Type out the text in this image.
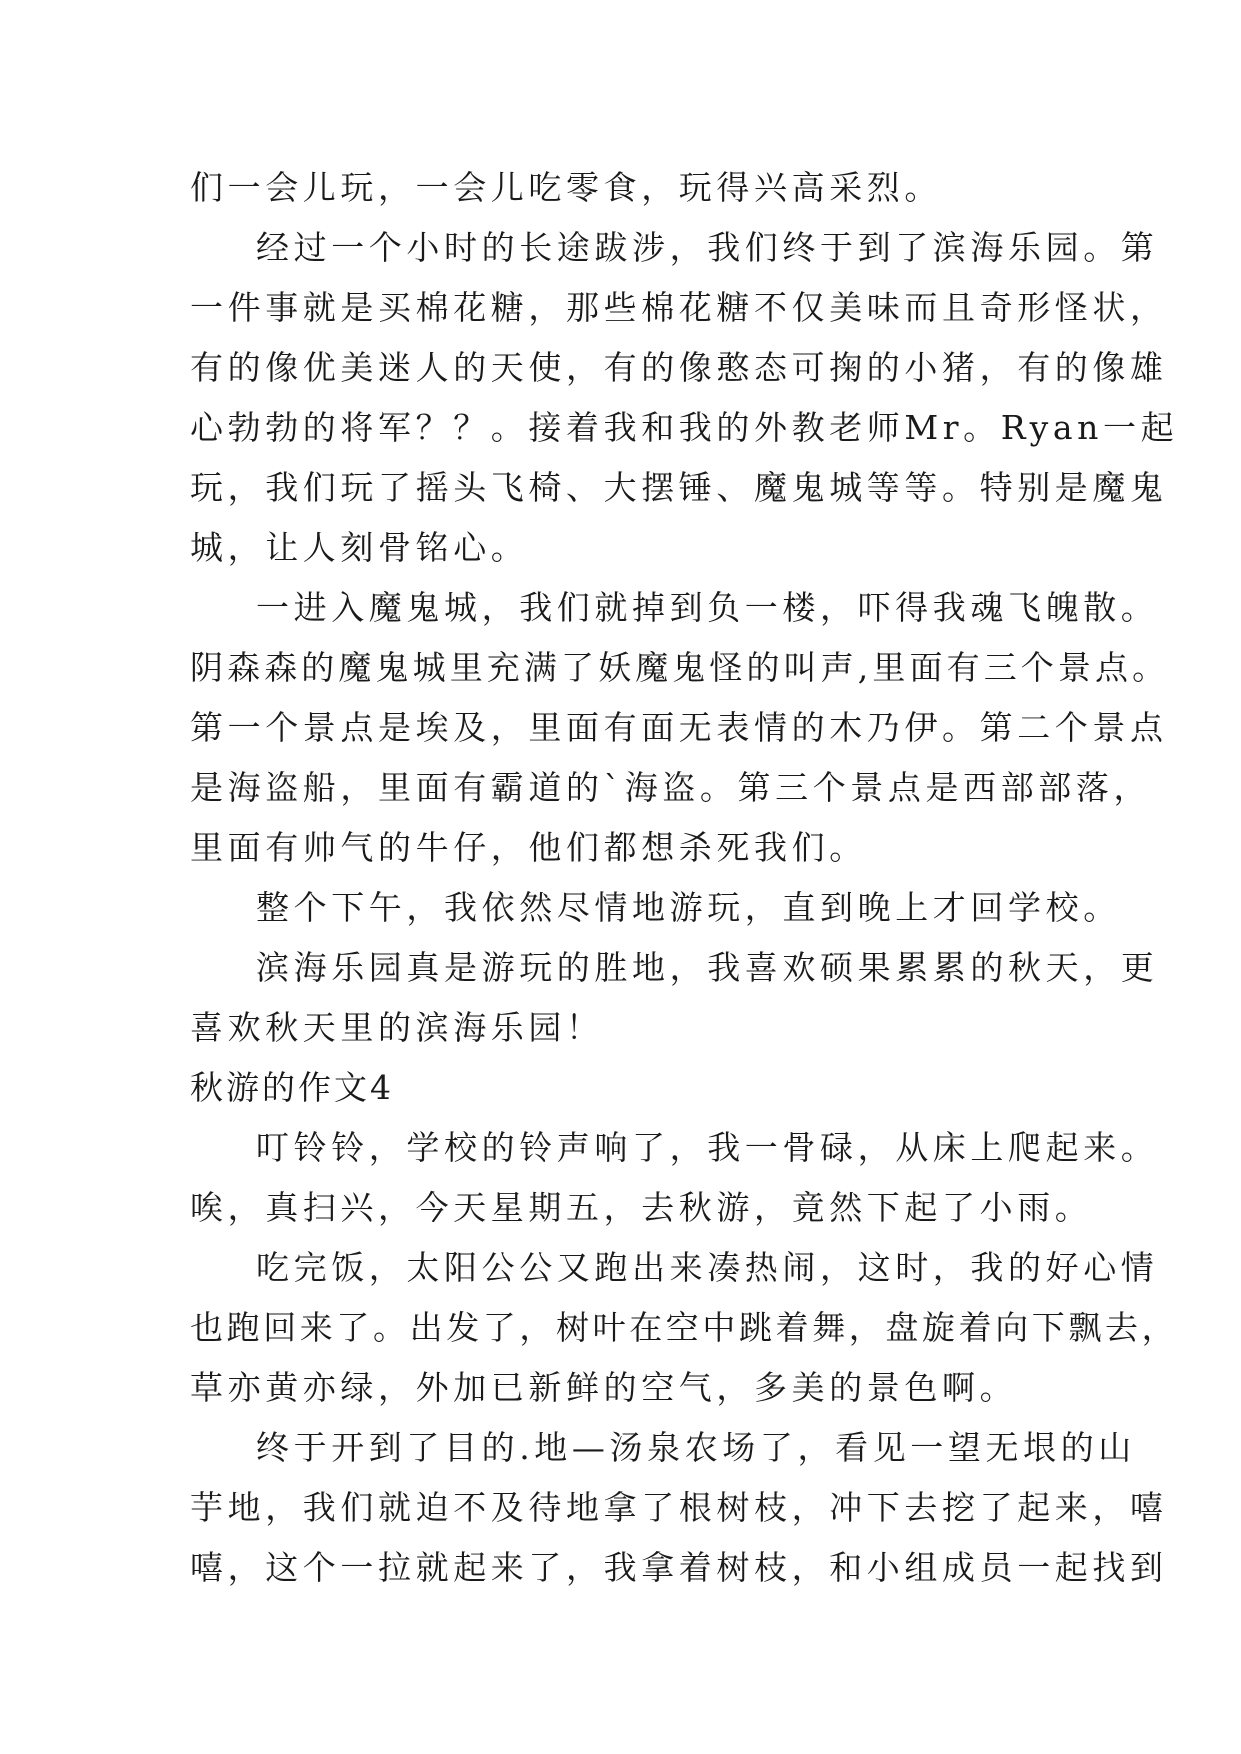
们一会儿玩，一会儿吃零食，玩得兴高采烈。
经过一个小时的长途跋涉，我们终于到了滨海乐园。第
一件事就是买棉花糖，那些棉花糖不仅美味而且奇形怪状，
有的像优美迷人的天使，有的像憨态可掬的小猪，有的像雄
心勃勃的将军？？。接着我和我的外教老师Mr。Ryan一起
玩，我们玩了摇头飞椅、大摆锤、魔鬼城等等。特别是魔鬼
城，让人刻骨铭心。
一进入魔鬼城，我们就掉到负一楼，吓得我魂飞魄散。
阴森森的魔鬼城里充满了妖魔鬼怪的叫声,里面有三个景点。
第一个景点是埃及，里面有面无表情的木乃伊。第二个景点
是海盗船，里面有霸道的`海盗。第三个景点是西部部落，
里面有帅气的牛仔，他们都想杀死我们。
整个下午，我依然尽情地游玩，直到晚上才回学校。
滨海乐园真是游玩的胜地，我喜欢硕果累累的秋天，更
喜欢秋天里的滨海乐园！
秋游的作文4
叮铃铃，学校的铃声响了，我一骨碌，从床上爬起来。
唉，真扫兴，今天星期五，去秋游，竟然下起了小雨。
吃完饭，太阳公公又跑出来凑热闹，这时，我的好心情
也跑回来了。出发了，树叶在空中跳着舞，盘旋着向下飘去，
草亦黄亦绿，外加已新鲜的空气，多美的景色啊。
终于开到了目的.地—汤泉农场了，看见一望无垠的山
芋地，我们就迫不及待地拿了根树枝，冲下去挖了起来，嘻
嘻，这个一拉就起来了，我拿着树枝，和小组成员一起找到
